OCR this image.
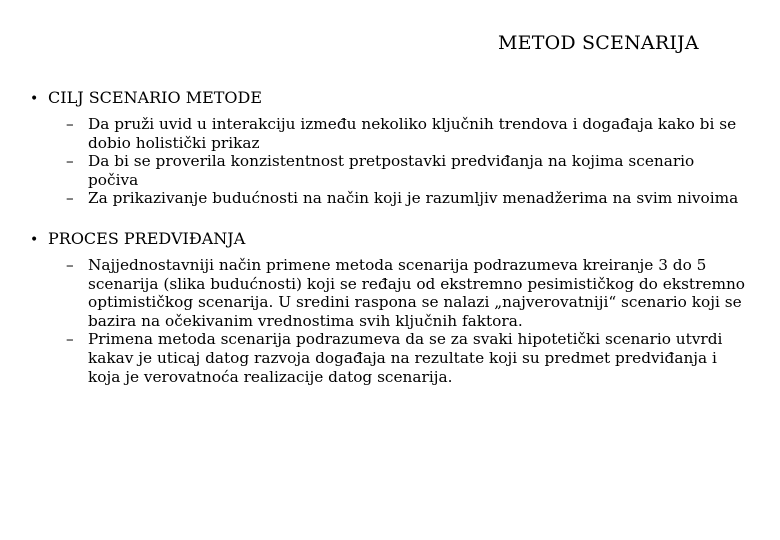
METOD SCENARIJA
• CILJ SCENARIO METODE
– Da pruži uvid u interakciju između nekoliko ključnih trendova i događaja kako bi se dobio holistički prikaz
– Da bi se proverila konzistentnost pretpostavki predviđanja na kojima scenario počiva
– Za prikazivanje budućnosti na način koji je razumljiv menadžerima na svim nivoima
• PROCES PREDVIĐANJA
– Najjednostavniji način primene metoda scenarija podrazumeva kreiranje 3 do 5 scenarija (slika budućnosti) koji se ređaju od ekstremno pesimističkog do ekstremno optimističkog scenarija. U sredini raspona se nalazi „najverovatniji“ scenario koji se bazira na očekivanim vrednostima svih ključnih faktora.
– Primena metoda scenarija podrazumeva da se za svaki hipotetički scenario utvrdi kakav je uticaj datog razvoja događaja na rezultate koji su predmet predviđanja i koja je verovatnoća realizacije datog scenarija.
